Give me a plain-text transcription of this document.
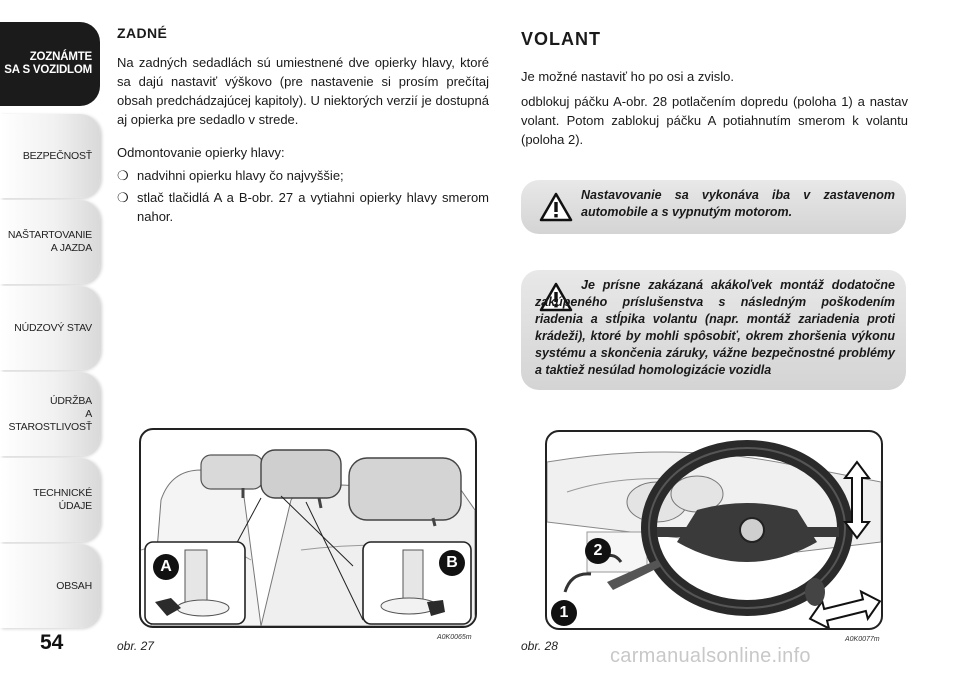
ZOZNÁMTE
SA S VOZIDLOM
BEZPEČNOSŤ
NAŠTARTOVANIE
A JAZDA
NÚDZOVÝ STAV
ÚDRŽBA
A STAROSTLIVOSŤ
TECHNICKÉ
ÚDAJE
OBSAH
54
ZADNÉ

Na zadných sedadlách sú umiestnené dve opierky hlavy, ktoré sa dajú nastaviť výškovo (pre nastavenie si prosím prečítaj obsah predchádzajúcej kapitoly). U niektorých verzií je dostupná aj opierka pre sedadlo v strede.

Odmontovanie opierky hlavy:

❍ nadvihni opierku hlavy čo najvyššie;
❍ stlač tlačidlá A a B-obr. 27 a vytiahni opierky hlavy smerom nahor.
VOLANT

Je možné nastaviť ho po osi a zvislo.

odblokuj páčku A-obr. 28 potlačením dopredu (poloha 1) a nastav volant. Potom zablokuj páčku A potiahnutím smerom k volantu (poloha 2).

Nastavovanie sa vykonáva iba v zastavenom automobile a s vypnutým motorom.
Je prísne zakázaná akákoľvek montáž dodatočne zakúpeného príslušenstva s následným poškodením riadenia a stĺpika volantu (napr. montáž zariadenia proti krádeži), ktoré by mohli spôsobiť, okrem zhoršenia výkonu systému a skončenia záruky, vážne bezpečnostné problémy a taktiež nesúlad homologizácie vozidla
A	B
obr. 27
A0K0065m
1
2
obr. 28	A0K0077m
carmanualsonline.info
